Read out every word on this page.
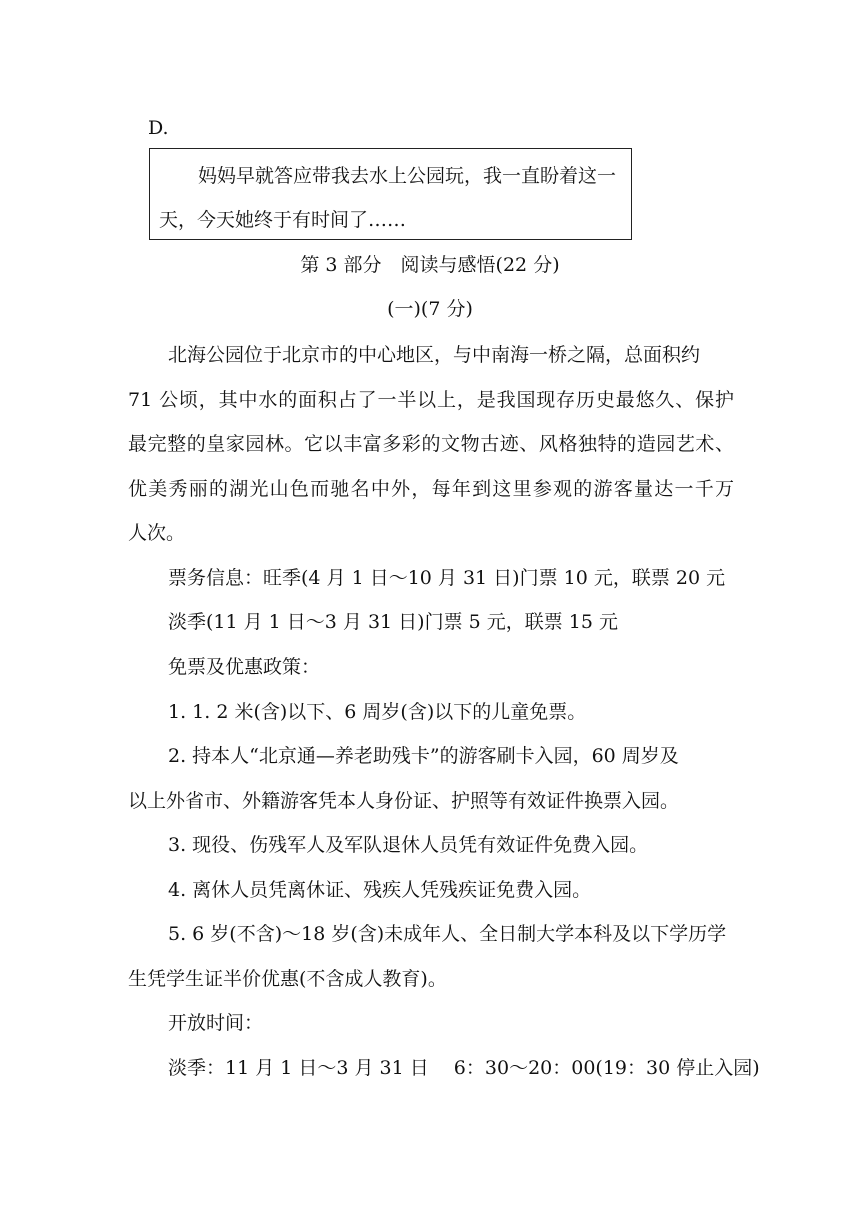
D.
妈妈早就答应带我去水上公园玩，我一直盼着这一
天，今天她终于有时间了……
第 3 部分　阅读与感悟(22 分)
(一)(7 分)
北海公园位于北京市的中心地区，与中南海一桥之隔，总面积约
71 公顷，其中水的面积占了一半以上，是我国现存历史最悠久、保护
最完整的皇家园林。它以丰富多彩的文物古迹、风格独特的造园艺术、
优美秀丽的湖光山色而驰名中外，每年到这里参观的游客量达一千万
人次。
票务信息：旺季(4 月 1 日～10 月 31 日)门票 10 元，联票 20 元
淡季(11 月 1 日～3 月 31 日)门票 5 元，联票 15 元
免票及优惠政策：
1. 1. 2 米(含)以下、6 周岁(含)以下的儿童免票。
2. 持本人“北京通—养老助残卡”的游客刷卡入园，60 周岁及
以上外省市、外籍游客凭本人身份证、护照等有效证件换票入园。
3. 现役、伤残军人及军队退休人员凭有效证件免费入园。
4. 离休人员凭离休证、残疾人凭残疾证免费入园。
5. 6 岁(不含)～18 岁(含)未成年人、全日制大学本科及以下学历学
生凭学生证半价优惠(不含成人教育)。
开放时间：
淡季：11 月 1 日～3 月 31 日　 6：30～20：00(19：30 停止入园)
